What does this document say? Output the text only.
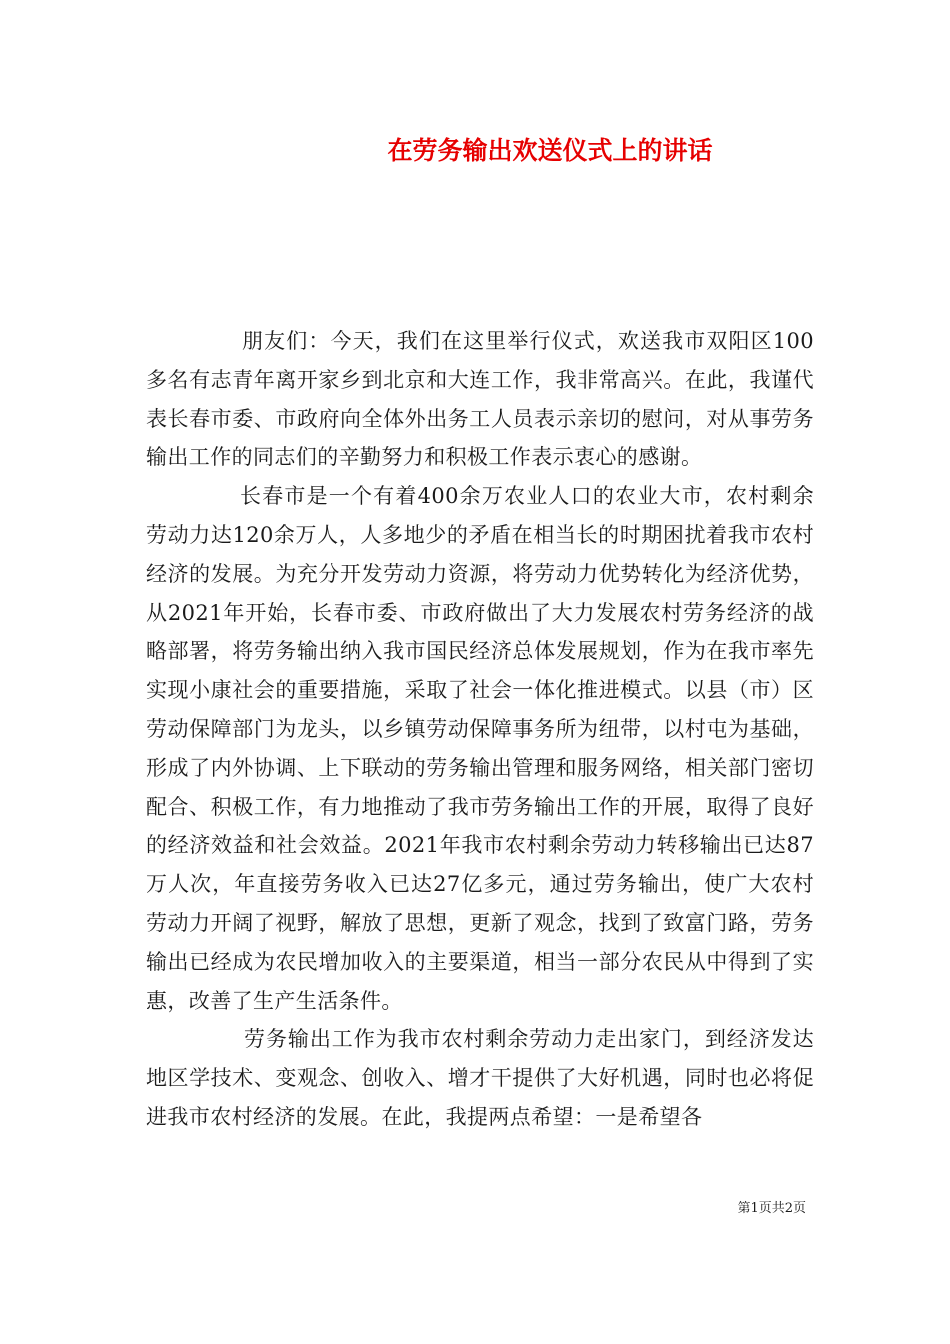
在劳务输出欢送仪式上的讲话

朋友们：今天，我们在这里举行仪式，欢送我市双阳区100多名有志青年离开家乡到北京和大连工作，我非常高兴。在此，我谨代表长春市委、市政府向全体外出务工人员表示亲切的慰问，对从事劳务输出工作的同志们的辛勤努力和积极工作表示衷心的感谢。

长春市是一个有着400余万农业人口的农业大市，农村剩余劳动力达120余万人，人多地少的矛盾在相当长的时期困扰着我市农村经济的发展。为充分开发劳动力资源，将劳动力优势转化为经济优势，从2021年开始，长春市委、市政府做出了大力发展农村劳务经济的战略部署，将劳务输出纳入我市国民经济总体发展规划，作为在我市率先实现小康社会的重要措施，采取了社会一体化推进模式。以县（市）区劳动保障部门为龙头，以乡镇劳动保障事务所为纽带，以村屯为基础，形成了内外协调、上下联动的劳务输出管理和服务网络，相关部门密切配合、积极工作，有力地推动了我市劳务输出工作的开展，取得了良好的经济效益和社会效益。2021年我市农村剩余劳动力转移输出已达87万人次，年直接劳务收入已达27亿多元，通过劳务输出，使广大农村劳动力开阔了视野，解放了思想，更新了观念，找到了致富门路，劳务输出已经成为农民增加收入的主要渠道，相当一部分农民从中得到了实惠，改善了生产生活条件。

劳务输出工作为我市农村剩余劳动力走出家门，到经济发达地区学技术、变观念、创收入、增才干提供了大好机遇，同时也必将促进我市农村经济的发展。在此，我提两点希望：一是希望各

第1页共2页
